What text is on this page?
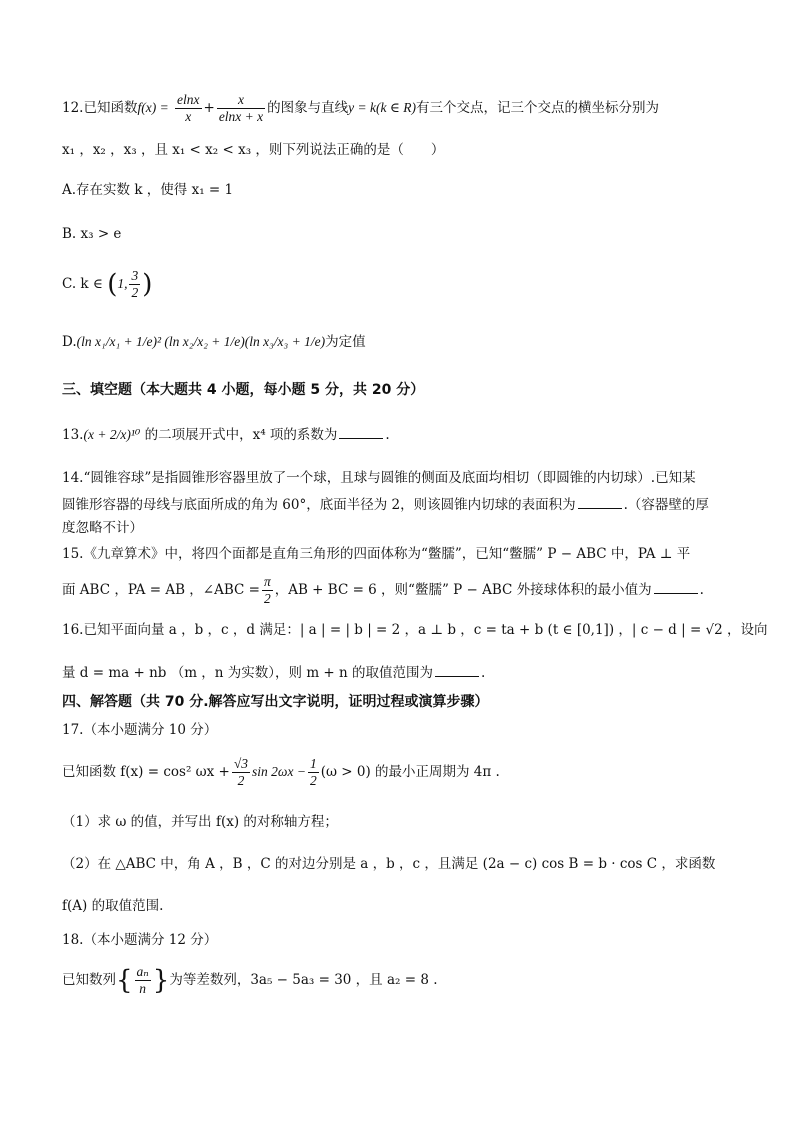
12.已知函数$f(x) = \frac{elnx}{x} + \frac{x}{elnx + x}$ 的图象与直线y = k(k ∈ R)有三个交点，记三个交点的横坐标分别为
x₁ ，x₂ ，x₃ ，且 x₁ < x₂ < x₃ ，则下列说法正确的是（　　）
A.存在实数 k ，使得 x₁ = 1
B. x₃ > e
C. k ∈ (1, $\frac{3}{2}$ )
D.(ln x₁/x₁ + 1/e)² (ln x₂/x₂ + 1/e)(ln x₃/x₃ + 1/e)为定值
三、填空题（本大题共 4 小题，每小题 5 分，共 20 分）
13.(x + 2/x)¹⁰ 的二项展开式中，x⁴ 项的系数为	.
14.“圆锥容球”是指圆锥形容器里放了一个球，且球与圆锥的侧面及底面均相切（即圆锥的内切球）.已知某
圆锥形容器的母线与底面所成的角为 60°，底面半径为 2，则该圆锥内切球的表面积为	.（容器壁的厚
度忽略不计）
15.《九章算术》中，将四个面都是直角三角形的四面体称为“鳖臑”，已知“鳖臑” P − ABC 中，PA ⊥ 平
面 ABC ，PA = AB ，∠ABC = $\frac{\pi}{2}$ ，AB + BC = 6 ，则“鳖臑” P − ABC 外接球体积的最小值为	.
16.已知平面向量 a ，b ，c ，d 满足：| a | = | b | = 2 ，a ⊥ b ，c = ta + b (t ∈ [0,1]) ，| c − d | = √2 ，设向
量 d = ma + nb （m ，n 为实数），则 m + n 的取值范围为	.
四、解答题（共 70 分.解答应写出文字说明，证明过程或演算步骤）
17.（本小题满分 10 分）
已知函数 f(x) = cos² $\omega x + \frac{√3}{2}$ $\sin 2\omega x - \frac{1}{2} (\omega > 0)$ 的最小正周期为 4π .
（1）求 ω 的值，并写出 f(x) 的对称轴方程；
（2）在 △ABC 中，角 A ，B ，C 的对边分别是 a ，b ，c ，且满足 (2a − c) cos B = b · cos C ，求函数
f(A) 的取值范围.
18.（本小题满分 12 分）
已知数列{ $\frac{\text{aₙ}}{n}$ }为等差数列，3a₅ − 5a₃ = 30 ，且 a₂ = 8 .
